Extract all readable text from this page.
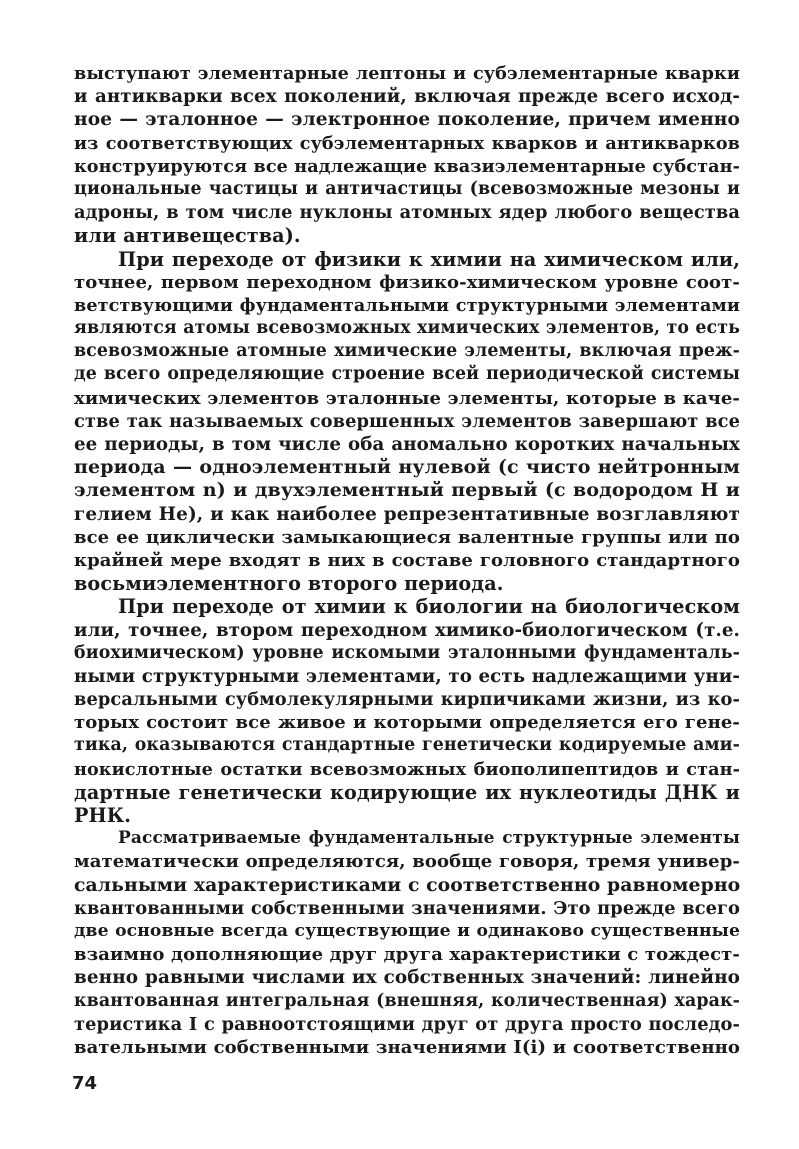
выступают элементарные лептоны и субэлементарные кварки
и антикварки всех поколений, включая прежде всего исход-
ное — эталонное — электронное поколение, причем именно
из соответствующих субэлементарных кварков и антикварков
конструируются все надлежащие квазиэлементарные субстан-
циональные частицы и античастицы (всевозможные мезоны и
адроны, в том числе нуклоны атомных ядер любого вещества
или антивещества).
При переходе от физики к химии на химическом или,
точнее, первом переходном физико-химическом уровне соот-
ветствующими фундаментальными структурными элементами
являются атомы всевозможных химических элементов, то есть
всевозможные атомные химические элементы, включая преж-
де всего определяющие строение всей периодической системы
химических элементов эталонные элементы, которые в каче-
стве так называемых совершенных элементов завершают все
ее периоды, в том числе оба аномально коротких начальных
периода — одноэлементный нулевой (с чисто нейтронным
элементом n) и двухэлементный первый (с водородом H и
гелием He), и как наиболее репрезентативные возглавляют
все ее циклически замыкающиеся валентные группы или по
крайней мере входят в них в составе головного стандартного
восьмиэлементного второго периода.
При переходе от химии к биологии на биологическом
или, точнее, втором переходном химико-биологическом (т.е.
биохимическом) уровне искомыми эталонными фундаменталь-
ными структурными элементами, то есть надлежащими уни-
версальными субмолекулярными кирпичиками жизни, из ко-
торых состоит все живое и которыми определяется его гене-
тика, оказываются стандартные генетически кодируемые ами-
нокислотные остатки всевозможных биополипептидов и стан-
дартные генетически кодирующие их нуклеотиды ДНК и
РНК.
Рассматриваемые фундаментальные структурные элементы
математически определяются, вообще говоря, тремя универ-
сальными характеристиками с соответственно равномерно
квантованными собственными значениями. Это прежде всего
две основные всегда существующие и одинаково существенные
взаимно дополняющие друг друга характеристики с тождест-
венно равными числами их собственных значений: линейно
квантованная интегральная (внешняя, количественная) харак-
теристика I с равноотстоящими друг от друга просто последо-
вательными собственными значениями I(i) и соответственно
74
